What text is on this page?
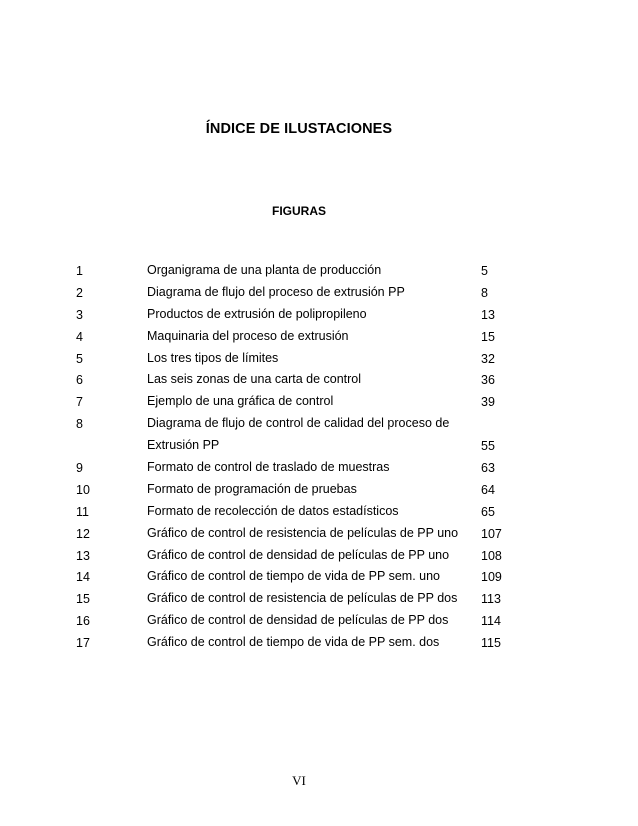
ÍNDICE DE ILUSTACIONES
FIGURAS
1	Organigrama de una planta de producción	5
2	Diagrama de flujo del proceso de extrusión PP	8
3	Productos de extrusión de polipropileno	13
4	Maquinaria del proceso de extrusión	15
5	Los tres tipos de límites	32
6	Las seis zonas de una carta de control	36
7	Ejemplo de una gráfica de control	39
8	Diagrama de flujo de control de calidad del proceso de
Extrusión PP	55
9	Formato de control de traslado de muestras	63
10	Formato de programación de pruebas	64
11	Formato de recolección de datos estadísticos	65
12	Gráfico de control de resistencia de películas de PP uno	107
13	Gráfico de control de densidad de películas de PP uno	108
14	Gráfico de control de tiempo de vida de PP sem. uno	109
15	Gráfico de control de resistencia de películas de PP dos	113
16	Gráfico de control de densidad de películas de PP dos	114
17	Gráfico de control de tiempo de vida de PP sem. dos	115
VI
